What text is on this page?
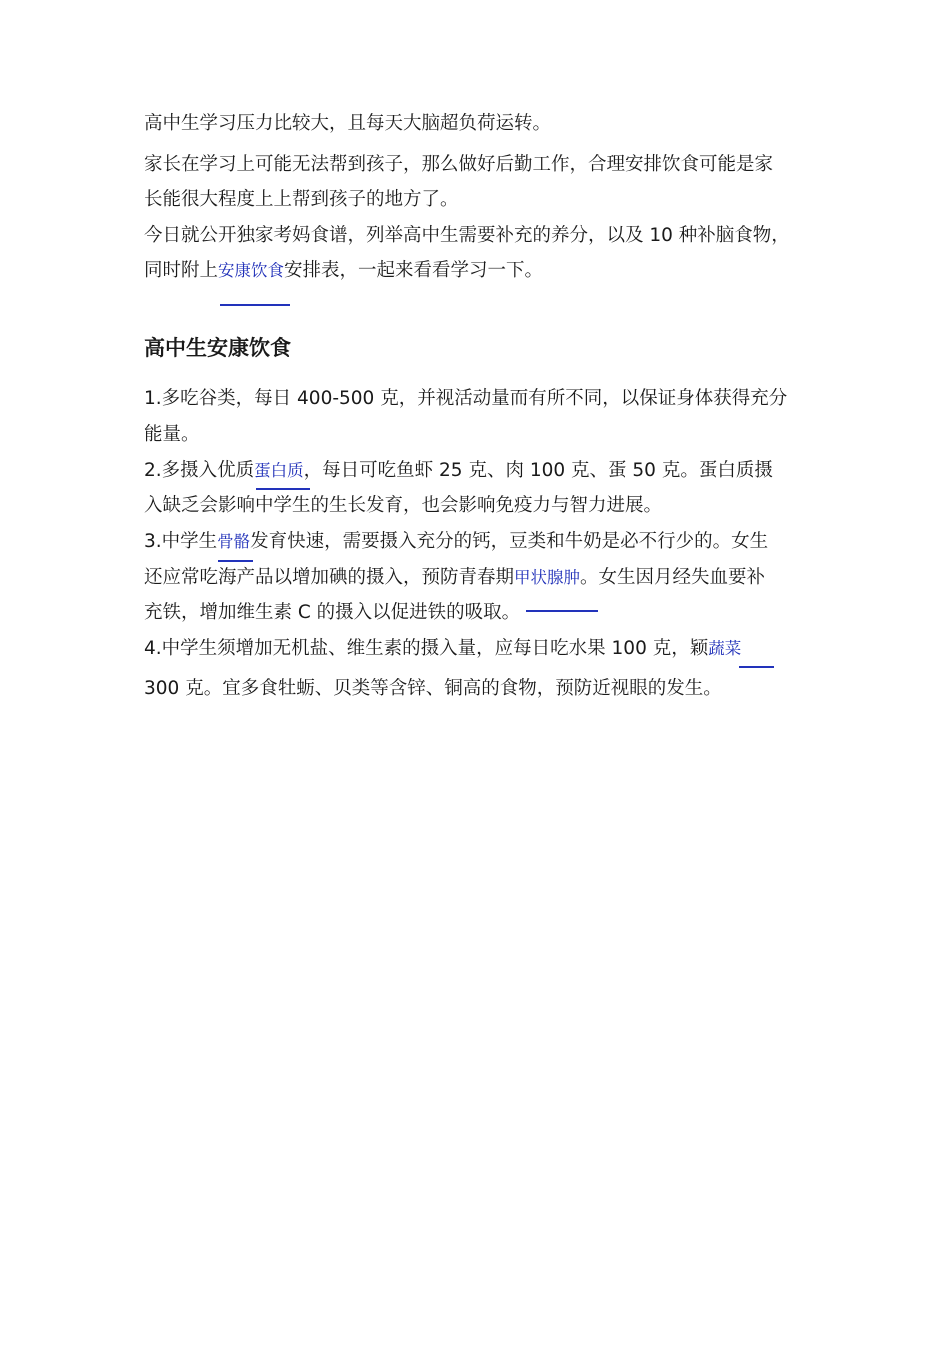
高中生学习压力比较大，且每天大脑超负荷运转。
家长在学习上可能无法帮到孩子，那么做好后勤工作，合理安排饮食可能是家
长能很大程度上上帮到孩子的地方了。
今日就公开独家考妈食谱，列举高中生需要补充的养分，以及 10 种补脑食物，
同时附上安康饮食安排表，一起来看看学习一下。
高中生安康饮食
1.多吃谷类，每日 400-500 克，并视活动量而有所不同，以保证身体获得充分
能量。
2.多摄入优质蛋白质，每日可吃鱼虾 25 克、肉 100 克、蛋 50 克。蛋白质摄
入缺乏会影响中学生的生长发育，也会影响免疫力与智力进展。
3.中学生骨骼发育快速，需要摄入充分的钙，豆类和牛奶是必不行少的。女生
还应常吃海产品以增加碘的摄入，预防青春期甲状腺肿。女生因月经失血要补
充铁，增加维生素 C 的摄入以促进铁的吸取。
4.中学生须增加无机盐、维生素的摄入量，应每日吃水果 100 克，颖蔬菜
300 克。宜多食牡蛎、贝类等含锌、铜高的食物，预防近视眼的发生。
